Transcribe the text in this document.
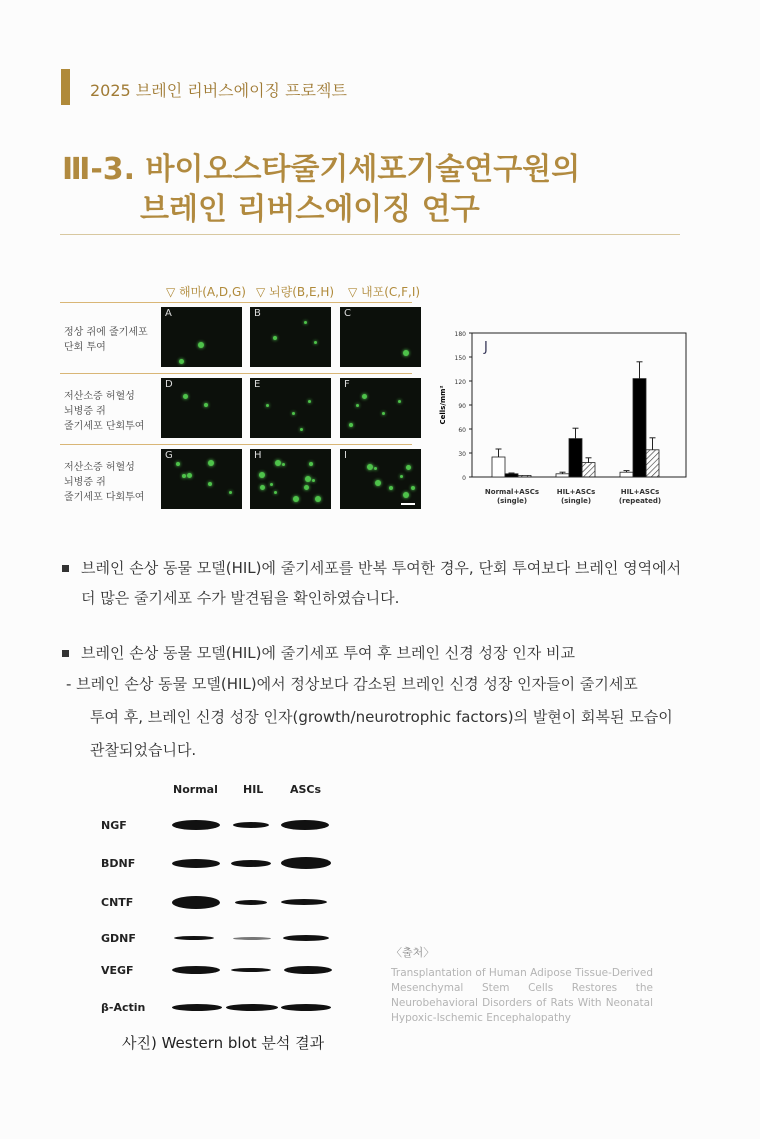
2025 브레인 리버스에이징 프로젝트
Ⅲ-3. 바이오스타줄기세포기술연구원의
브레인 리버스에이징 연구
▽ 해마(A,D,G) ▽ 뇌량(B,E,H) ▽ 내포(C,F,I)
정상 쥐에 줄기세포
단회 투여
저산소증 허혈성
뇌병증 쥐
줄기세포 단회투여
저산소증 허혈성
뇌병증 쥐
줄기세포 다회투여
A	B	C
D	E	F
G	H	I
0
30
60
90
120
150
180
Cells/mm²
J
Normal+ASCs
(single)
HIL+ASCs
(single)
HIL+ASCs
(repeated)
브레인 손상 동물 모델(HIL)에 줄기세포를 반복 투여한 경우, 단회 투여보다 브레인 영역에서
더 많은 줄기세포 수가 발견됨을 확인하였습니다.
브레인 손상 동물 모델(HIL)에 줄기세포 투여 후 브레인 신경 성장 인자 비교
- 브레인 손상 동물 모델(HIL)에서 정상보다 감소된 브레인 신경 성장 인자들이 줄기세포
투여 후, 브레인 신경 성장 인자(growth/neurotrophic factors)의 발현이 회복된 모습이
관찰되었습니다.
Normal HIL ASCs
NGF
BDNF
CNTF
GDNF
VEGF
β-Actin
사진) Western blot 분석 결과
〈출처〉
Transplantation of Human Adipose Tissue-Derived Mesenchymal Stem Cells Restores the Neurobehavioral Disorders of Rats With Neonatal Hypoxic-Ischemic Encephalopathy
